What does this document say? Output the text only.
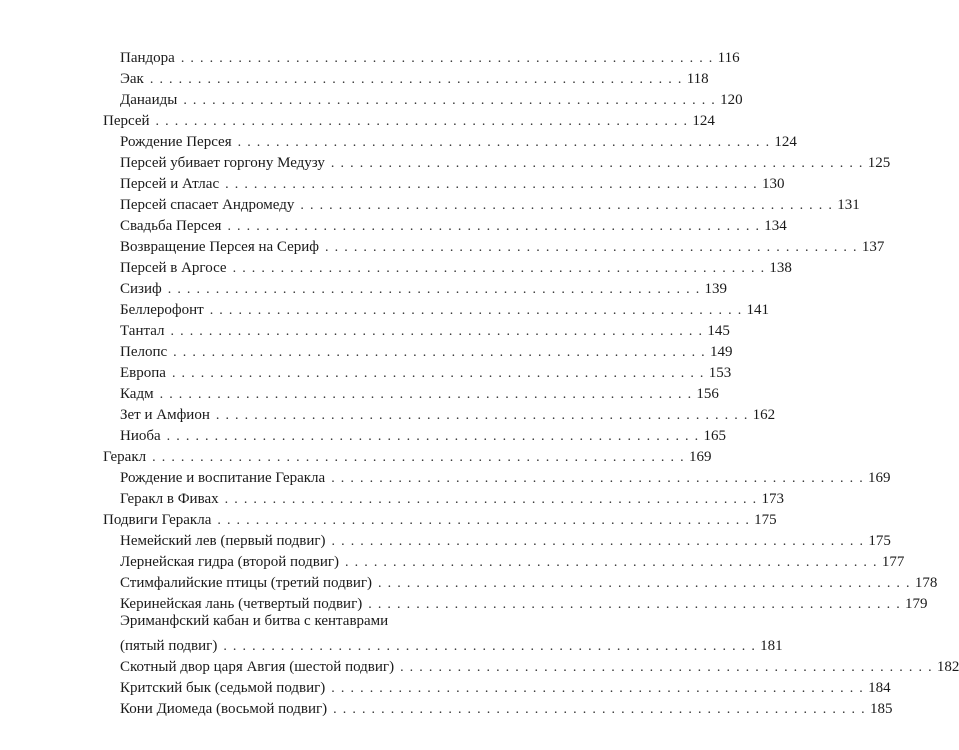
Пандора . . . . . . . . . . . . . . . . . . . . . . . . . . . . . . . . . . . . . . . . . . . . . . . . . . . . . . . . 116
Эак . . . . . . . . . . . . . . . . . . . . . . . . . . . . . . . . . . . . . . . . . . . . . . . . . . . . . . . . 118
Данаиды . . . . . . . . . . . . . . . . . . . . . . . . . . . . . . . . . . . . . . . . . . . . . . . . . . . . . . . . 120
Персей . . . . . . . . . . . . . . . . . . . . . . . . . . . . . . . . . . . . . . . . . . . . . . . . . . . . . . . . 124
Рождение Персея . . . . . . . . . . . . . . . . . . . . . . . . . . . . . . . . . . . . . . . . . . . . . . . . . . . . . . . . 124
Персей убивает горгону Медузу . . . . . . . . . . . . . . . . . . . . . . . . . . . . . . . . . . . . . . . . . . . . . . . . . . . . . . . . 125
Персей и Атлас . . . . . . . . . . . . . . . . . . . . . . . . . . . . . . . . . . . . . . . . . . . . . . . . . . . . . . . . 130
Персей спасает Андромеду . . . . . . . . . . . . . . . . . . . . . . . . . . . . . . . . . . . . . . . . . . . . . . . . . . . . . . . . 131
Свадьба Персея . . . . . . . . . . . . . . . . . . . . . . . . . . . . . . . . . . . . . . . . . . . . . . . . . . . . . . . . 134
Возвращение Персея на Сериф . . . . . . . . . . . . . . . . . . . . . . . . . . . . . . . . . . . . . . . . . . . . . . . . . . . . . . . . 137
Персей в Аргосе . . . . . . . . . . . . . . . . . . . . . . . . . . . . . . . . . . . . . . . . . . . . . . . . . . . . . . . . 138
Сизиф . . . . . . . . . . . . . . . . . . . . . . . . . . . . . . . . . . . . . . . . . . . . . . . . . . . . . . . . 139
Беллерофонт . . . . . . . . . . . . . . . . . . . . . . . . . . . . . . . . . . . . . . . . . . . . . . . . . . . . . . . . 141
Тантал . . . . . . . . . . . . . . . . . . . . . . . . . . . . . . . . . . . . . . . . . . . . . . . . . . . . . . . . 145
Пелопс . . . . . . . . . . . . . . . . . . . . . . . . . . . . . . . . . . . . . . . . . . . . . . . . . . . . . . . . 149
Европа . . . . . . . . . . . . . . . . . . . . . . . . . . . . . . . . . . . . . . . . . . . . . . . . . . . . . . . . 153
Кадм . . . . . . . . . . . . . . . . . . . . . . . . . . . . . . . . . . . . . . . . . . . . . . . . . . . . . . . . 156
Зет и Амфион . . . . . . . . . . . . . . . . . . . . . . . . . . . . . . . . . . . . . . . . . . . . . . . . . . . . . . . . 162
Ниоба . . . . . . . . . . . . . . . . . . . . . . . . . . . . . . . . . . . . . . . . . . . . . . . . . . . . . . . . 165
Геракл . . . . . . . . . . . . . . . . . . . . . . . . . . . . . . . . . . . . . . . . . . . . . . . . . . . . . . . . 169
Рождение и воспитание Геракла . . . . . . . . . . . . . . . . . . . . . . . . . . . . . . . . . . . . . . . . . . . . . . . . . . . . . . . . 169
Геракл в Фивах . . . . . . . . . . . . . . . . . . . . . . . . . . . . . . . . . . . . . . . . . . . . . . . . . . . . . . . . 173
Подвиги Геракла . . . . . . . . . . . . . . . . . . . . . . . . . . . . . . . . . . . . . . . . . . . . . . . . . . . . . . . . 175
Немейский лев (первый подвиг) . . . . . . . . . . . . . . . . . . . . . . . . . . . . . . . . . . . . . . . . . . . . . . . . . . . . . . . . 175
Лернейская гидра (второй подвиг) . . . . . . . . . . . . . . . . . . . . . . . . . . . . . . . . . . . . . . . . . . . . . . . . . . . . . . . . 177
Стимфалийские птицы (третий подвиг) . . . . . . . . . . . . . . . . . . . . . . . . . . . . . . . . . . . . . . . . . . . . . . . . . . . . . . . . 178
Керинейская лань (четвертый подвиг) . . . . . . . . . . . . . . . . . . . . . . . . . . . . . . . . . . . . . . . . . . . . . . . . . . . . . . . . 179
Эриманфский кабан и битва с кентаврами
(пятый подвиг) . . . . . . . . . . . . . . . . . . . . . . . . . . . . . . . . . . . . . . . . . . . . . . . . . . . . . . . . 181
Скотный двор царя Авгия (шестой подвиг) . . . . . . . . . . . . . . . . . . . . . . . . . . . . . . . . . . . . . . . . . . . . . . . . . . . . . . . . 182
Критский бык (седьмой подвиг) . . . . . . . . . . . . . . . . . . . . . . . . . . . . . . . . . . . . . . . . . . . . . . . . . . . . . . . . 184
Кони Диомеда (восьмой подвиг) . . . . . . . . . . . . . . . . . . . . . . . . . . . . . . . . . . . . . . . . . . . . . . . . . . . . . . . . 185
